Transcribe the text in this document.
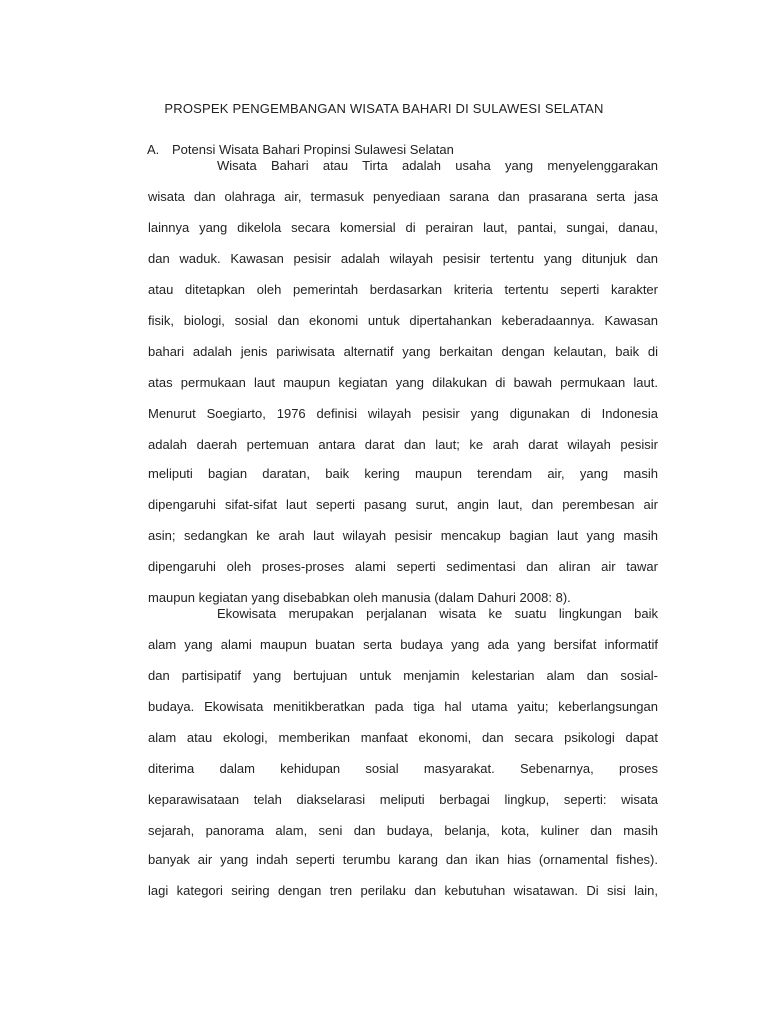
PROSPEK PENGEMBANGAN WISATA BAHARI DI SULAWESI SELATAN
A. Potensi Wisata Bahari Propinsi Sulawesi Selatan
Wisata Bahari atau Tirta adalah usaha yang menyelenggarakan
wisata dan olahraga air, termasuk penyediaan sarana dan prasarana serta jasa
lainnya yang dikelola secara komersial di perairan laut, pantai, sungai, danau,
dan waduk. Kawasan pesisir adalah wilayah pesisir tertentu yang ditunjuk dan
atau ditetapkan oleh pemerintah berdasarkan kriteria tertentu seperti karakter
fisik, biologi, sosial dan ekonomi untuk dipertahankan keberadaannya. Kawasan
bahari adalah jenis pariwisata alternatif yang berkaitan dengan kelautan, baik di
atas permukaan laut maupun kegiatan yang dilakukan di bawah permukaan laut.
Menurut Soegiarto, 1976 definisi wilayah pesisir yang digunakan di Indonesia
adalah daerah pertemuan antara darat dan laut; ke arah darat wilayah pesisir
meliputi bagian daratan, baik kering maupun terendam air, yang masih
dipengaruhi sifat-sifat laut seperti pasang surut, angin laut, dan perembesan air
asin; sedangkan ke arah laut wilayah pesisir mencakup bagian laut yang masih
dipengaruhi oleh proses-proses alami seperti sedimentasi dan aliran air tawar
maupun kegiatan yang disebabkan oleh manusia (dalam Dahuri 2008: 8).
Ekowisata merupakan perjalanan wisata ke suatu lingkungan baik
alam yang alami maupun buatan serta budaya yang ada yang bersifat informatif
dan partisipatif yang bertujuan untuk menjamin kelestarian alam dan sosial-
budaya. Ekowisata menitikberatkan pada tiga hal utama yaitu; keberlangsungan
alam atau ekologi, memberikan manfaat ekonomi, dan secara psikologi dapat
diterima dalam kehidupan sosial masyarakat. Sebenarnya, proses
keparawisataan telah diakselarasi meliputi berbagai lingkup, seperti: wisata
sejarah, panorama alam, seni dan budaya, belanja, kota, kuliner dan masih
banyak air yang indah seperti terumbu karang dan ikan hias (ornamental fishes).
lagi kategori seiring dengan tren perilaku dan kebutuhan wisatawan. Di sisi lain,
